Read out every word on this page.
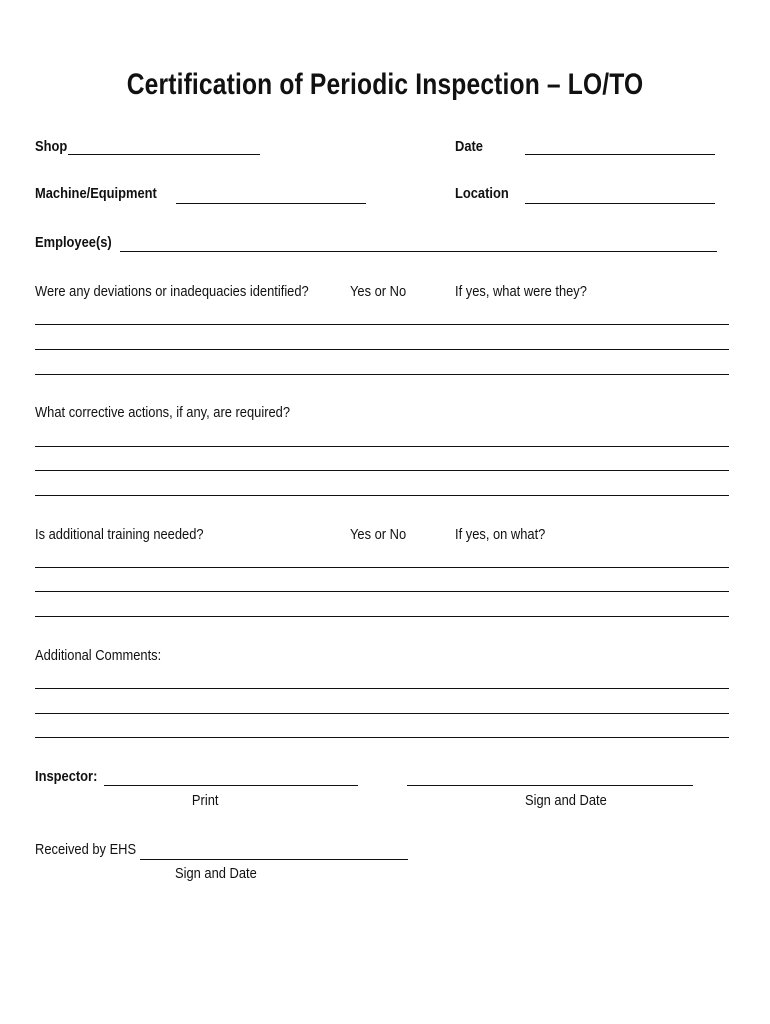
Certification of Periodic Inspection – LO/TO
Shop	Date
Machine/Equipment	Location
Employee(s)
Were any deviations or inadequacies identified?	Yes or No	If yes, what were they?
What corrective actions, if any, are required?
Is additional training needed?	Yes or No	If yes, on what?
Additional Comments:
Inspector:
Print	Sign and Date
Received by EHS
Sign and Date
